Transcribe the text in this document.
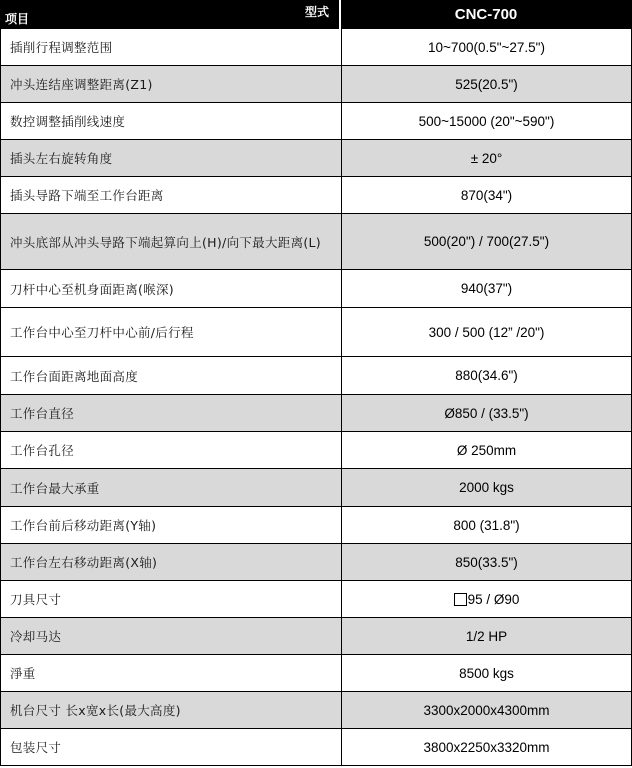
型式
项目	CNC-700
插削行程调整范围	10~700(0.5"~27.5")
冲头连结座调整距离(Z1)	525(20.5")
数控调整插削线速度	500~15000 (20"~590")
插头左右旋转角度	± 20°
插头导路下端至工作台距离	870(34")
冲头底部从冲头导路下端起算向上(H)/向下最大距离(L)	500(20") / 700(27.5")
刀杆中心至机身面距离(喉深)	940(37")
工作台中心至刀杆中心前/后行程	300 / 500 (12” /20")
工作台面距离地面高度	880(34.6")
工作台直径	Ø850 / (33.5")
工作台孔径	Ø 250mm
工作台最大承重	2000 kgs
工作台前后移动距离(Y轴)	800 (31.8")
工作台左右移动距离(X轴)	850(33.5")
刀具尺寸	95 / Ø90
冷却马达	1/2 HP
淨重	8500 kgs
机台尺寸 长x宽x长(最大高度)	3300x2000x4300mm
包装尺寸	3800x2250x3320mm
